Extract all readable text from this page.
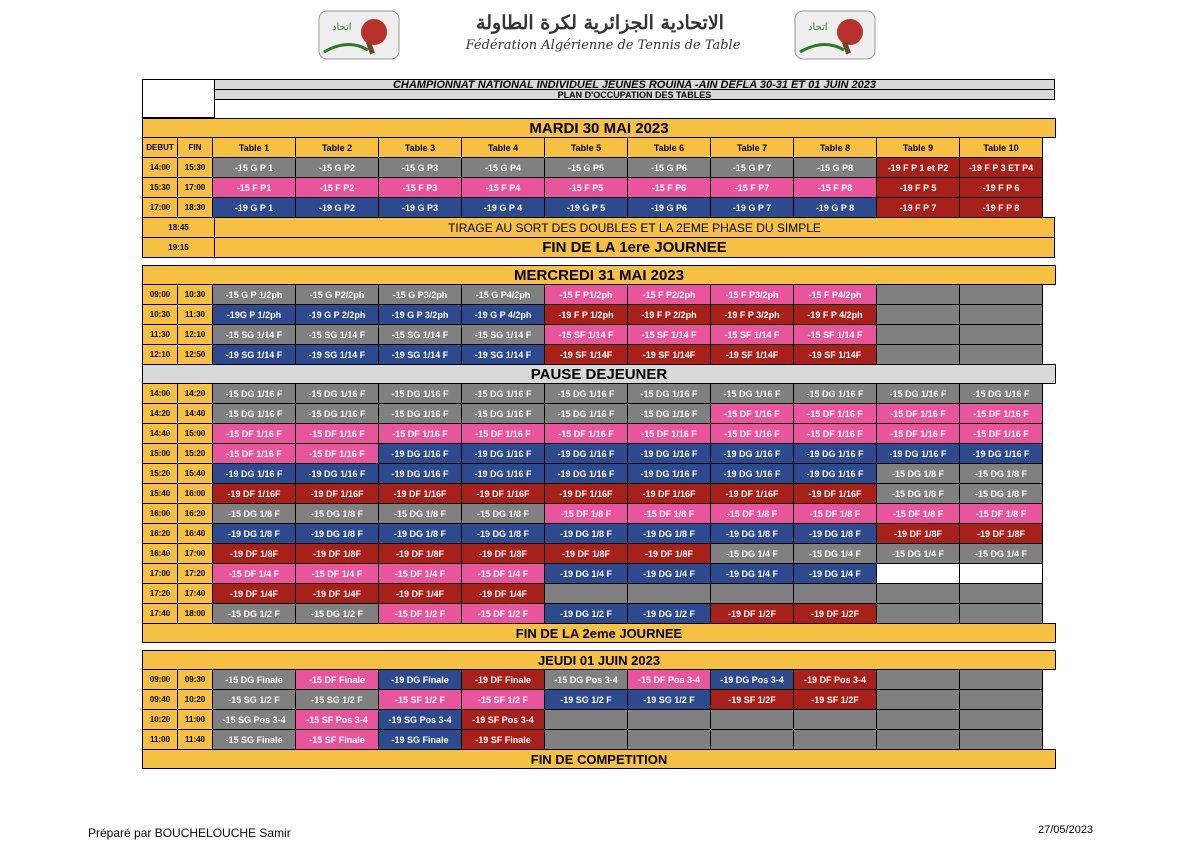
اتحاد	الاتحادية الجزائرية لكرة الطاولة
Fédération Algérienne de Tennis de Table
اتحاد
CHAMPIONNAT NATIONAL INDIVIDUEL JEUNES ROUINA -AIN DEFLA 30-31 ET 01 JUIN 2023
PLAN D'OCCUPATION DES TABLES
MARDI 30 MAI 2023
DEBUT	FIN	Table 1	Table 2	Table 3	Table 4	Table 5	Table 6	Table 7	Table 8	Table 9	Table 10
14:00	15:30	-15 G P 1	-15 G P2	-15 G P3	-15 G P4	-15 G P5	-15 G P6	-15 G P 7	-15 G P8	-19 F P 1 et P2	-19 F P 3 ET P4
15:30	17:00	-15 F P1	-15 F P2	-15 F P3	-15 F P4	-15 F P5	-15 F P6	-15 F P7	-15 F P8	-19 F P 5	-19 F P 6
17:00	18:30	-19 G P 1	-19 G P2	-19 G P3	-19 G P 4	-19 G P 5	-19 G P6	-19 G P 7	-19 G P 8	-19 F P 7	-19 F P 8
18:45	TIRAGE AU SORT DES DOUBLES ET LA 2EME PHASE DU SIMPLE
19:15	FIN DE LA 1ere JOURNEE
MERCREDI 31 MAI 2023
09:00	10:30	-15 G P 1/2ph	-15 G P2/2ph	-15 G P3/2ph	-15 G P4/2ph	-15 F P1/2ph	-15 F P2/2ph	-15 F P3/2ph	-15 F P4/2ph
10:30	11:30	-19G P 1/2ph	-19 G P 2/2ph	-19 G P 3/2ph	-19 G P 4/2ph	-19 F P 1/2ph	-19 F P 2/2ph	-19 F P 3/2ph	-19 F P 4/2ph
11:30	12:10	-15 SG 1/14 F	-15 SG 1/14 F	-15 SG 1/14 F	-15 SG 1/14 F	-15 SF 1/14 F	-15 SF 1/14 F	-15 SF 1/14 F	-15 SF 1/14 F
12:10	12:50	-19 SG 1/14 F	-19 SG 1/14 F	-19 SG 1/14 F	-19 SG 1/14 F	-19 SF 1/14F	-19 SF 1/14F	-19 SF 1/14F	-19 SF 1/14F
PAUSE DEJEUNER
14:00	14:20	-15 DG 1/16 F	-15 DG 1/16 F	-15 DG 1/16 F	-15 DG 1/16 F	-15 DG 1/16 F	-15 DG 1/16 F	-15 DG 1/16 F	-15 DG 1/16 F	-15 DG 1/16 F	-15 DG 1/16 F
14:20	14:40	-15 DG 1/16 F	-15 DG 1/16 F	-15 DG 1/16 F	-15 DG 1/16 F	-15 DG 1/16 F	-15 DG 1/16 F	-15 DF 1/16 F	-15 DF 1/16 F	-15 DF 1/16 F	-15 DF 1/16 F
14:40	15:00	-15 DF 1/16 F	-15 DF 1/16 F	-15 DF 1/16 F	-15 DF 1/16 F	-15 DF 1/16 F	-15 DF 1/16 F	-15 DF 1/16 F	-15 DF 1/16 F	-15 DF 1/16 F	-15 DF 1/16 F
15:00	15:20	-15 DF 1/16 F	-15 DF 1/16 F	-19 DG 1/16 F	-19 DG 1/16 F	-19 DG 1/16 F	-19 DG 1/16 F	-19 DG 1/16 F	-19 DG 1/16 F	-19 DG 1/16 F	-19 DG 1/16 F
15:20	15:40	-19 DG 1/16 F	-19 DG 1/16 F	-19 DG 1/16 F	-19 DG 1/16 F	-19 DG 1/16 F	-19 DG 1/16 F	-19 DG 1/16 F	-19 DG 1/16 F	-15 DG 1/8 F	-15 DG 1/8 F
15:40	16:00	-19 DF 1/16F	-19 DF 1/16F	-19 DF 1/16F	-19 DF 1/16F	-19 DF 1/16F	-19 DF 1/16F	-19 DF 1/16F	-19 DF 1/16F	-15 DG 1/8 F	-15 DG 1/8 F
16:00	16:20	-15 DG 1/8 F	-15 DG 1/8 F	-15 DG 1/8 F	-15 DG 1/8 F	-15 DF 1/8 F	-15 DF 1/8 F	-15 DF 1/8 F	-15 DF 1/8 F	-15 DF 1/8 F	-15 DF 1/8 F
16:20	16:40	-19 DG 1/8 F	-19 DG 1/8 F	-19 DG 1/8 F	-19 DG 1/8 F	-19 DG 1/8 F	-19 DG 1/8 F	-19 DG 1/8 F	-19 DG 1/8 F	-19 DF 1/8F	-19 DF 1/8F
16:40	17:00	-19 DF 1/8F	-19 DF 1/8F	-19 DF 1/8F	-19 DF 1/8F	-19 DF 1/8F	-19 DF 1/8F	-15 DG 1/4 F	-15 DG 1/4 F	-15 DG 1/4 F	-15 DG 1/4 F
17:00	17:20	-15 DF 1/4 F	-15 DF 1/4 F	-15 DF 1/4 F	-15 DF 1/4 F	-19 DG 1/4 F	-19 DG 1/4 F	-19 DG 1/4 F	-19 DG 1/4 F
17:20	17:40	-19 DF 1/4F	-19 DF 1/4F	-19 DF 1/4F	-19 DF 1/4F
17:40	18:00	-15 DG 1/2 F	-15 DG 1/2 F	-15 DF 1/2 F	-15 DF 1/2 F	-19 DG 1/2 F	-19 DG 1/2 F	-19 DF 1/2F	-19 DF 1/2F
FIN DE LA 2eme JOURNEE
JEUDI 01 JUIN 2023
09:00	09:30	-15 DG Finale	-15 DF Finale	-19 DG Finale	-19 DF Finale	-15 DG Pos 3-4	-15 DF Pos 3-4	-19 DG Pos 3-4	-19 DF Pos 3-4
09:40	10:20	-15 SG 1/2 F	-15 SG 1/2 F	-15 SF 1/2 F	-15 SF 1/2 F	-19 SG 1/2 F	-19 SG 1/2 F	-19 SF 1/2F	-19 SF 1/2F
10:20	11:00	-15 SG Pos 3-4	-15 SF Pos 3-4	-19 SG Pos 3-4	-19 SF Pos 3-4
11:00	11:40	-15 SG Finale	-15 SF Finale	-19 SG Finale	-19 SF Finale
FIN DE COMPETITION
Préparé par BOUCHELOUCHE Samir	27/05/2023
